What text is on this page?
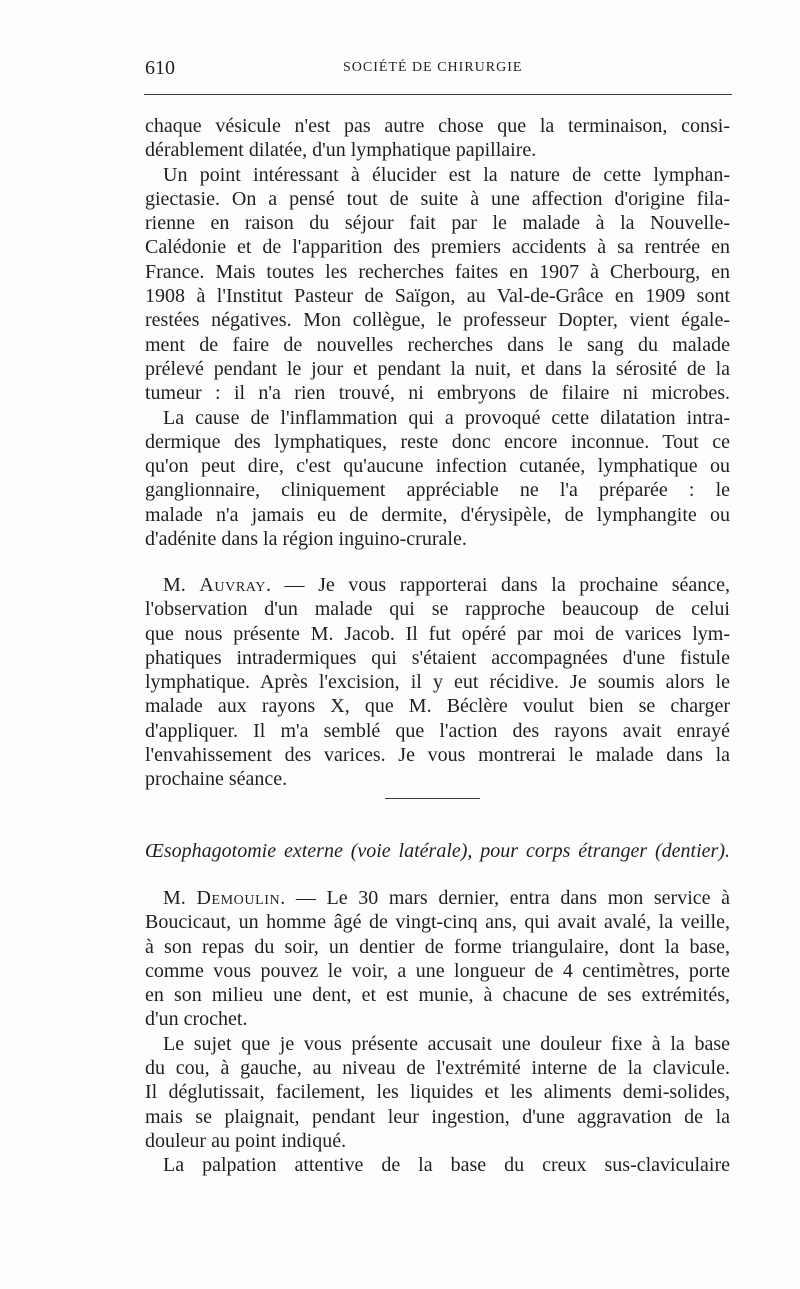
610	SOCIÉTÉ DE CHIRURGIE
chaque vésicule n'est pas autre chose que la terminaison, consi-
dérablement dilatée, d'un lymphatique papillaire.
Un point intéressant à élucider est la nature de cette lymphan-
giectasie. On a pensé tout de suite à une affection d'origine fila-
rienne en raison du séjour fait par le malade à la Nouvelle-
Calédonie et de l'apparition des premiers accidents à sa rentrée en
France. Mais toutes les recherches faites en 1907 à Cherbourg, en
1908 à l'Institut Pasteur de Saïgon, au Val-de-Grâce en 1909 sont
restées négatives. Mon collègue, le professeur Dopter, vient égale-
ment de faire de nouvelles recherches dans le sang du malade
prélevé pendant le jour et pendant la nuit, et dans la sérosité de la
tumeur : il n'a rien trouvé, ni embryons de filaire ni microbes.
La cause de l'inflammation qui a provoqué cette dilatation intra-
dermique des lymphatiques, reste donc encore inconnue. Tout ce
qu'on peut dire, c'est qu'aucune infection cutanée, lymphatique ou
ganglionnaire, cliniquement appréciable ne l'a préparée : le
malade n'a jamais eu de dermite, d'érysipèle, de lymphangite ou
d'adénite dans la région inguino-crurale.
M. Auvray. — Je vous rapporterai dans la prochaine séance,
l'observation d'un malade qui se rapproche beaucoup de celui
que nous présente M. Jacob. Il fut opéré par moi de varices lym-
phatiques intradermiques qui s'étaient accompagnées d'une fistule
lymphatique. Après l'excision, il y eut récidive. Je soumis alors le
malade aux rayons X, que M. Béclère voulut bien se charger
d'appliquer. Il m'a semblé que l'action des rayons avait enrayé
l'envahissement des varices. Je vous montrerai le malade dans la
prochaine séance.
Œsophagotomie externe (voie latérale), pour corps étranger (dentier).
M. Demoulin. — Le 30 mars dernier, entra dans mon service à
Boucicaut, un homme âgé de vingt-cinq ans, qui avait avalé, la veille,
à son repas du soir, un dentier de forme triangulaire, dont la base,
comme vous pouvez le voir, a une longueur de 4 centimètres, porte
en son milieu une dent, et est munie, à chacune de ses extrémités,
d'un crochet.
Le sujet que je vous présente accusait une douleur fixe à la base
du cou, à gauche, au niveau de l'extrémité interne de la clavicule.
Il déglutissait, facilement, les liquides et les aliments demi-solides,
mais se plaignait, pendant leur ingestion, d'une aggravation de la
douleur au point indiqué.
La palpation attentive de la base du creux sus-claviculaire
